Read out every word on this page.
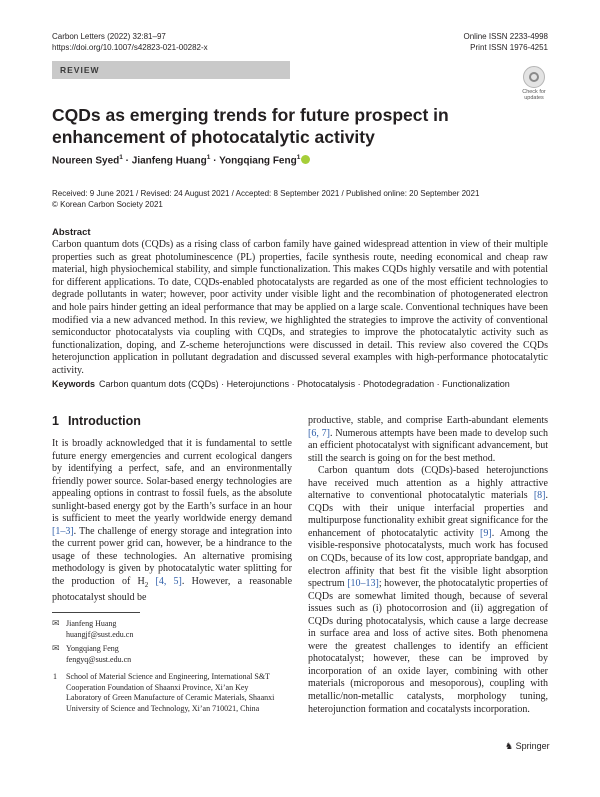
Carbon Letters (2022) 32:81–97
https://doi.org/10.1007/s42823-021-00282-x
Online ISSN 2233-4998
Print ISSN 1976-4251
REVIEW
Check for updates
CQDs as emerging trends for future prospect in enhancement of photocatalytic activity
Noureen Syed$^1$ · Jianfeng Huang$^1$ · Yongqiang Feng$^1$
Received: 9 June 2021 / Revised: 24 August 2021 / Accepted: 8 September 2021 / Published online: 20 September 2021
© Korean Carbon Society 2021
Abstract
Carbon quantum dots (CQDs) as a rising class of carbon family have gained widespread attention in view of their multiple properties such as great photoluminescence (PL) properties, facile synthesis route, needing economical and cheap raw material, high physiochemical stability, and simple functionalization. This makes CQDs highly versatile and with potential for different applications. To date, CQDs-enabled photocatalysts are regarded as one of the most efficient technologies to degrade pollutants in water; however, poor activity under visible light and the recombination of photogenerated electron and hole pairs hinder getting an ideal performance that may be applied on a large scale. Conventional techniques have been modified via a new advanced method. In this review, we highlighted the strategies to improve the activity of conventional semiconductor photocatalysts via coupling with CQDs, and strategies to improve the photocatalytic activity such as functionalization, doping, and Z-scheme heterojunctions were discussed in detail. This review also covered the CQDs heterojunction application in pollutant degradation and discussed several examples with high-performance photocatalytic activity.
Keywords Carbon quantum dots (CQDs) · Heterojunctions · Photocatalysis · Photodegradation · Functionalization
1 Introduction

It is broadly acknowledged that it is fundamental to settle future energy emergencies and current ecological dangers by identifying a perfect, safe, and an environmentally friendly power source. Solar-based energy technologies are appealing options in contrast to fossil fuels, as the absolute sunlight-based energy got by the Earth’s surface in an hour is sufficient to meet the yearly worldwide energy demand [1–3]. The challenge of energy storage and integration into the current power grid can, however, be a hindrance to the usage of these technologies. An alternative promising methodology is given by photocatalytic water splitting for the production of $H_2$ [4, 5]. However, a reasonable photocatalyst should be

productive, stable, and comprise Earth-abundant elements [6, 7]. Numerous attempts have been made to develop such an efficient photocatalyst with significant advancement, but still the search is going on for the best method.

Carbon quantum dots (CQDs)-based heterojunctions have received much attention as a highly attractive alternative to conventional photocatalytic materials [8]. CQDs with their unique interfacial properties and multipurpose functionality exhibit great significance for the enhancement of photocatalytic activity [9]. Among the visible-responsive photocatalysts, much work has focused on CQDs, because of its low cost, appropriate bandgap, and electron affinity that best fit the visible light absorption spectrum [10–13]; however, the photocatalytic properties of CQDs are somewhat limited though, because of several issues such as (i) photocorrosion and (ii) aggregation of CQDs during photocatalysis, which cause a large decrease in surface area and loss of active sites. Both phenomena were the greatest challenges to identify an efficient photocatalyst; however, these can be improved by incorporation of an oxide layer, combining with other materials (microporous and mesoporous), coupling with metallic/non-metallic catalysts, morphology tuning, heterojunction formation and cocatalysts incorporation.

✉ Jianfeng Huang
huangjf@sust.edu.cn
✉ Yongqiang Feng
fengyq@sust.edu.cn
1 School of Material Science and Engineering, International S&T Cooperation Foundation of Shaanxi Province, Xi’an Key Laboratory of Green Manufacture of Ceramic Materials, Shaanxi University of Science and Technology, Xi’an 710021, China
♞ Springer
